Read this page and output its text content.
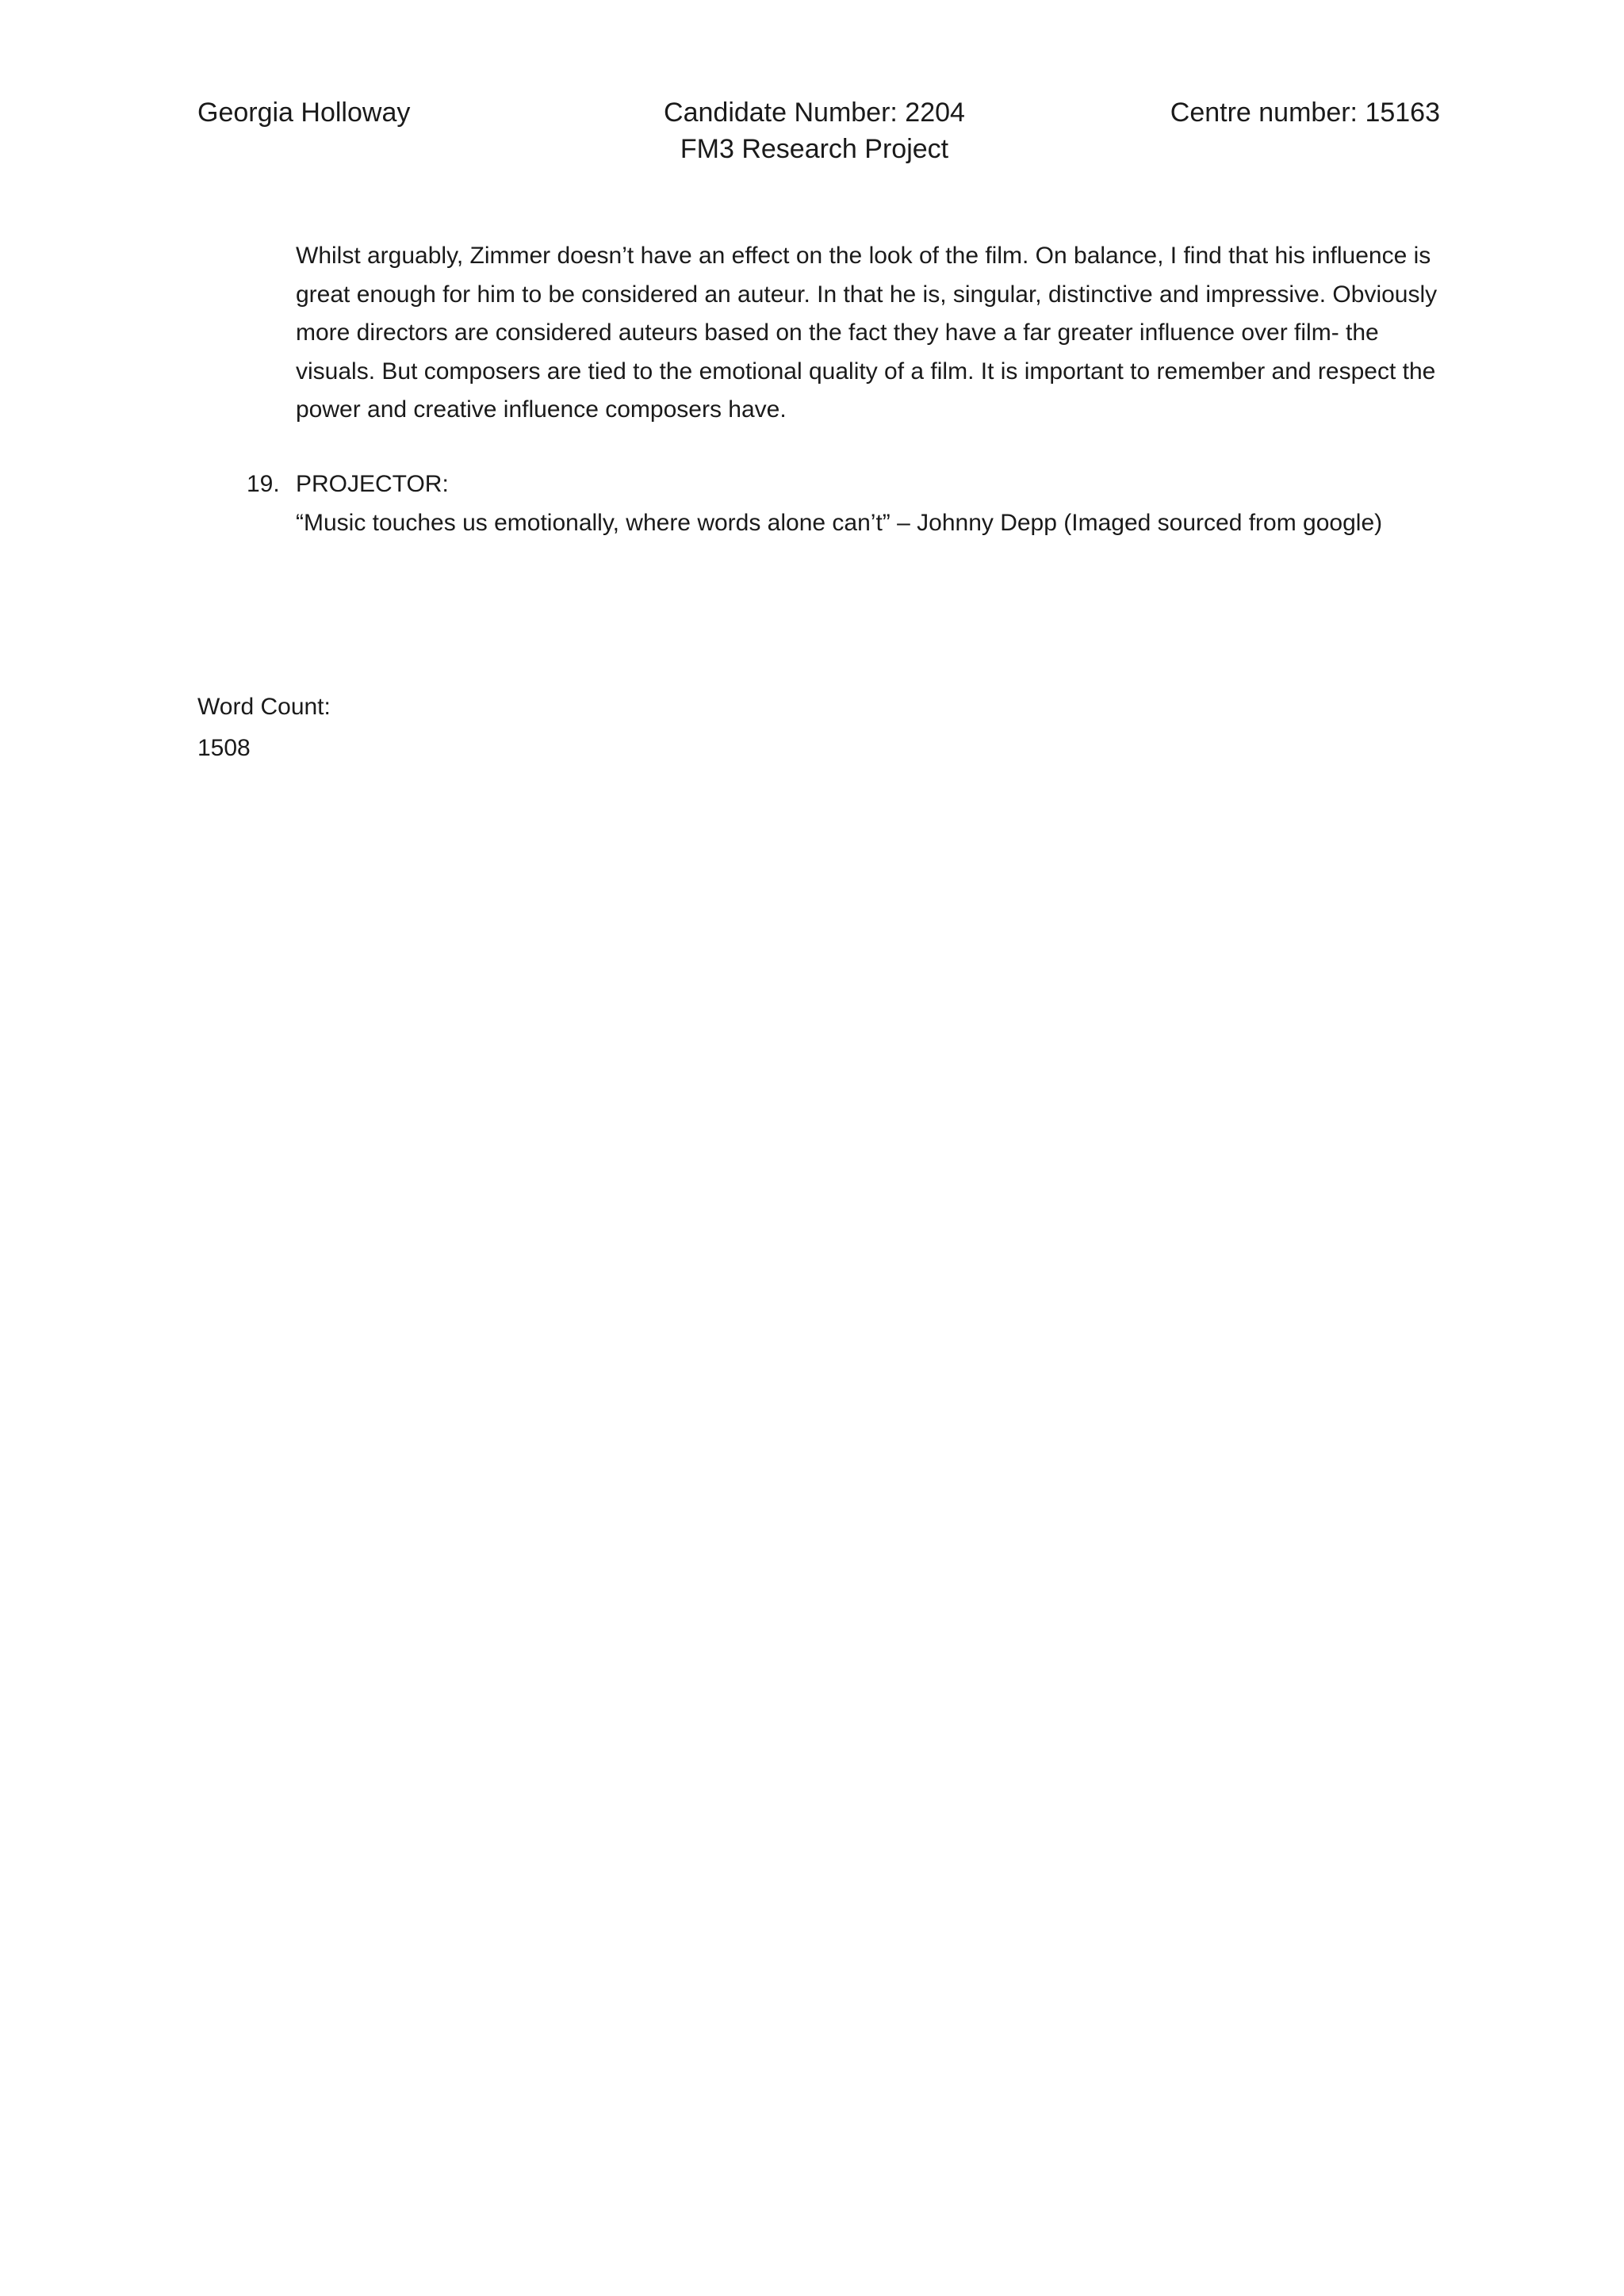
Georgia Holloway	Candidate Number: 2204	Centre number: 15163
FM3 Research Project

Whilst arguably, Zimmer doesn’t have an effect on the look of the film. On balance, I find that his influence is great enough for him to be considered an auteur. In that he is, singular, distinctive and impressive. Obviously more directors are considered auteurs based on the fact they have a far greater influence over film- the visuals. But composers are tied to the emotional quality of a film. It is important to remember and respect the power and creative influence composers have.

19. PROJECTOR:
“Music touches us emotionally, where words alone can’t” – Johnny Depp (Imaged sourced from google)
Word Count:
1508
